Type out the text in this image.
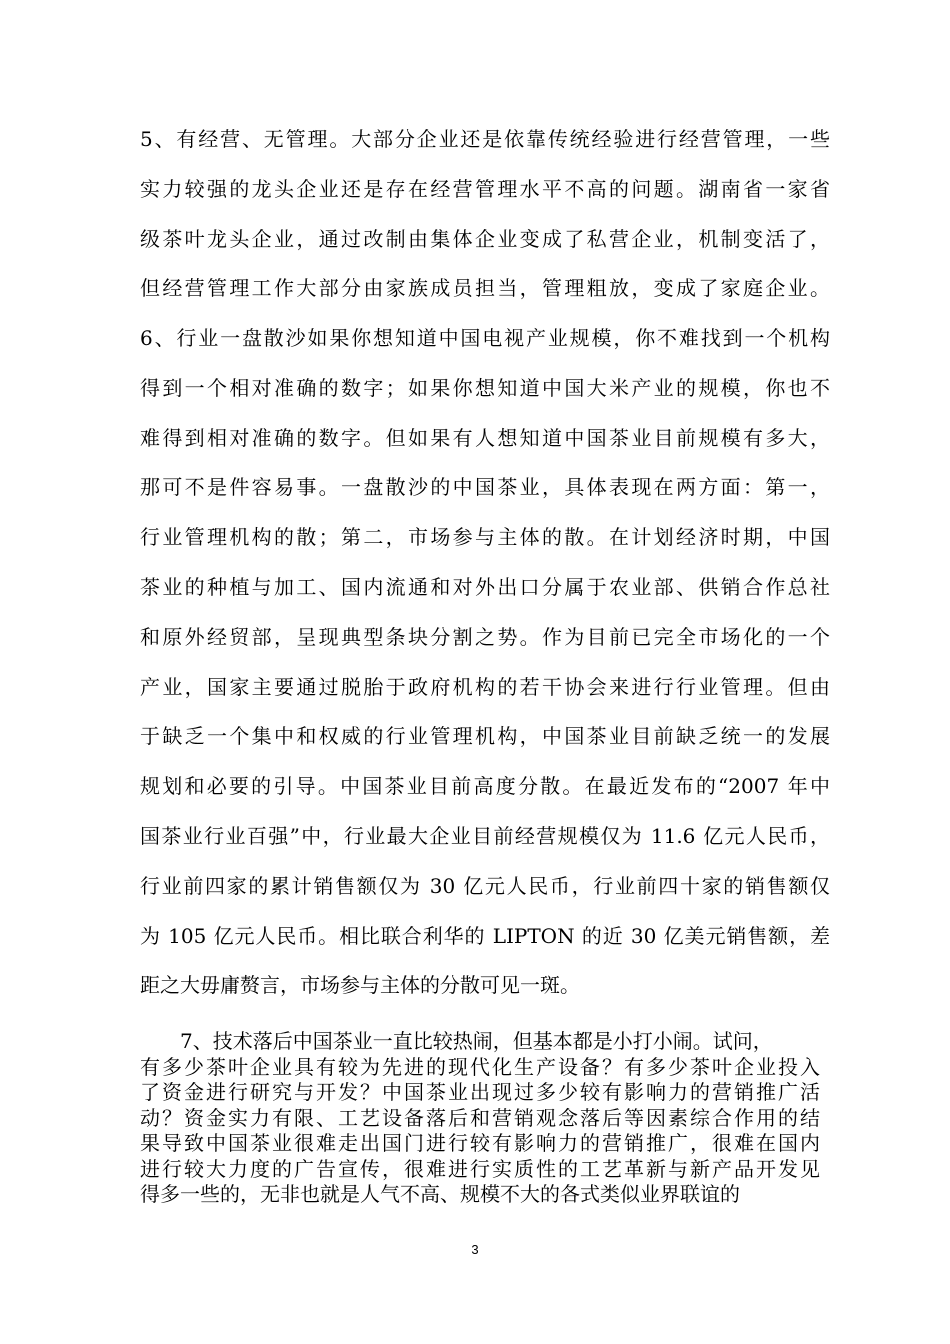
5、有经营、无管理。大部分企业还是依靠传统经验进行经营管理，一些
实力较强的龙头企业还是存在经营管理水平不高的问题。湖南省一家省
级茶叶龙头企业，通过改制由集体企业变成了私营企业，机制变活了，
但经营管理工作大部分由家族成员担当，管理粗放，变成了家庭企业。
6、行业一盘散沙如果你想知道中国电视产业规模，你不难找到一个机构
得到一个相对准确的数字；如果你想知道中国大米产业的规模，你也不
难得到相对准确的数字。但如果有人想知道中国茶业目前规模有多大，
那可不是件容易事。一盘散沙的中国茶业，具体表现在两方面：第一，
行业管理机构的散；第二，市场参与主体的散。在计划经济时期，中国
茶业的种植与加工、国内流通和对外出口分属于农业部、供销合作总社
和原外经贸部，呈现典型条块分割之势。作为目前已完全市场化的一个
产业，国家主要通过脱胎于政府机构的若干协会来进行行业管理。但由
于缺乏一个集中和权威的行业管理机构，中国茶业目前缺乏统一的发展
规划和必要的引导。中国茶业目前高度分散。在最近发布的“2007 年中
国茶业行业百强”中，行业最大企业目前经营规模仅为 11.6 亿元人民币，
行业前四家的累计销售额仅为 30 亿元人民币，行业前四十家的销售额仅
为 105 亿元人民币。相比联合利华的 LIPTON 的近 30 亿美元销售额，差
距之大毋庸赘言，市场参与主体的分散可见一斑。
7、技术落后中国茶业一直比较热闹，但基本都是小打小闹。试问，
有多少茶叶企业具有较为先进的现代化生产设备？有多少茶叶企业投入
了资金进行研究与开发？中国茶业出现过多少较有影响力的营销推广活
动？资金实力有限、工艺设备落后和营销观念落后等因素综合作用的结
果导致中国茶业很难走出国门进行较有影响力的营销推广，很难在国内
进行较大力度的广告宣传，很难进行实质性的工艺革新与新产品开发见
得多一些的，无非也就是人气不高、规模不大的各式类似业界联谊的
3
